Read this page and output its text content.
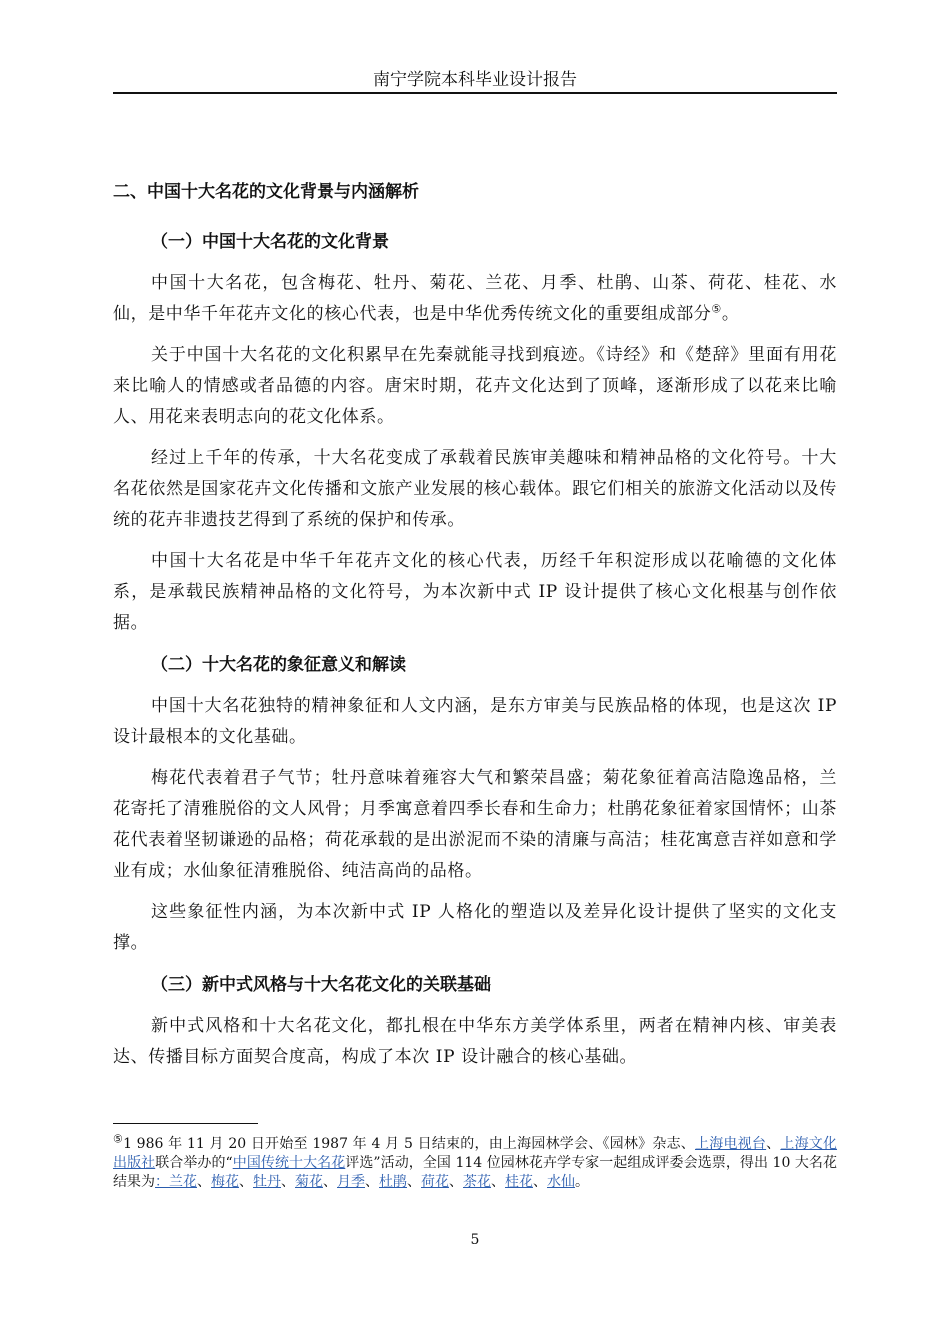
南宁学院本科毕业设计报告
二、中国十大名花的文化背景与内涵解析
（一）中国十大名花的文化背景

中国十大名花，包含梅花、牡丹、菊花、兰花、月季、杜鹃、山茶、荷花、桂花、水仙，是中华千年花卉文化的核心代表，也是中华优秀传统文化的重要组成部分⑤。

关于中国十大名花的文化积累早在先秦就能寻找到痕迹。《诗经》和《楚辞》里面有用花来比喻人的情感或者品德的内容。唐宋时期，花卉文化达到了顶峰，逐渐形成了以花来比喻人、用花来表明志向的花文化体系。

经过上千年的传承，十大名花变成了承载着民族审美趣味和精神品格的文化符号。十大名花依然是国家花卉文化传播和文旅产业发展的核心载体。跟它们相关的旅游文化活动以及传统的花卉非遗技艺得到了系统的保护和传承。

中国十大名花是中华千年花卉文化的核心代表，历经千年积淀形成以花喻德的文化体系，是承载民族精神品格的文化符号，为本次新中式 IP 设计提供了核心文化根基与创作依据。

（二）十大名花的象征意义和解读

中国十大名花独特的精神象征和人文内涵，是东方审美与民族品格的体现，也是这次 IP 设计最根本的文化基础。

梅花代表着君子气节；牡丹意味着雍容大气和繁荣昌盛；菊花象征着高洁隐逸品格，兰花寄托了清雅脱俗的文人风骨；月季寓意着四季长春和生命力；杜鹃花象征着家国情怀；山茶花代表着坚韧谦逊的品格；荷花承载的是出淤泥而不染的清廉与高洁；桂花寓意吉祥如意和学业有成；水仙象征清雅脱俗、纯洁高尚的品格。

这些象征性内涵，为本次新中式 IP 人格化的塑造以及差异化设计提供了坚实的文化支撑。

（三）新中式风格与十大名花文化的关联基础

新中式风格和十大名花文化，都扎根在中华东方美学体系里，两者在精神内核、审美表达、传播目标方面契合度高，构成了本次 IP 设计融合的核心基础。

⑤1 986 年 11 月 20 日开始至 1987 年 4 月 5 日结束的，由上海园林学会、《园林》杂志、上海电视台、上海文化出版社联合举办的“中国传统十大名花评选”活动，全国 114 位园林花卉学专家一起组成评委会选票，得出 10 大名花结果为：兰花、梅花、牡丹、菊花、月季、杜鹃、荷花、茶花、桂花、水仙。
5
